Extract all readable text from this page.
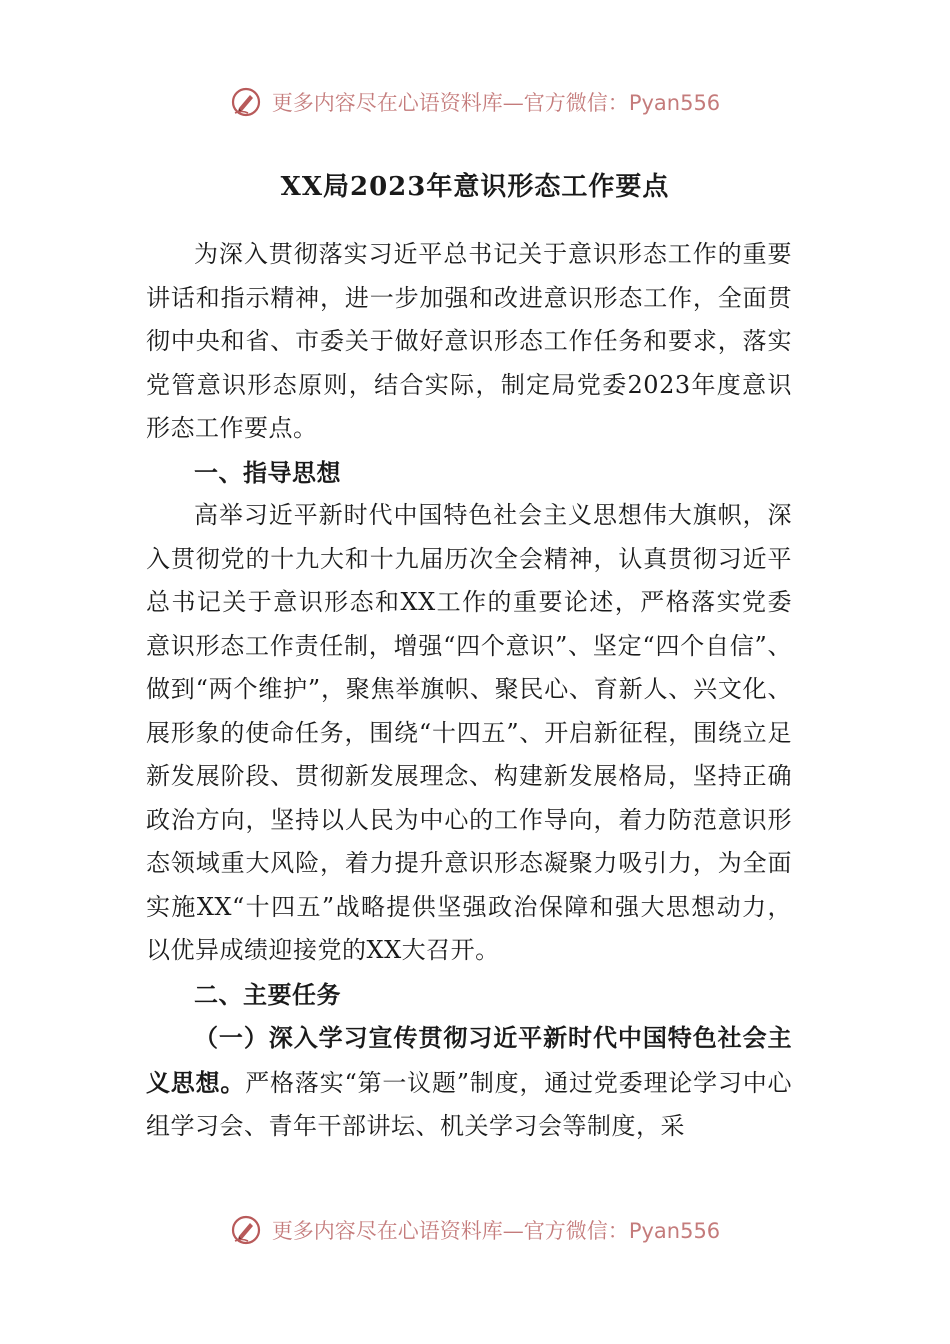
更多内容尽在心语资料库—官方微信：Pyan556
XX局2023年意识形态工作要点

为深入贯彻落实习近平总书记关于意识形态工作的重要讲话和指示精神，进一步加强和改进意识形态工作，全面贯彻中央和省、市委关于做好意识形态工作任务和要求，落实党管意识形态原则，结合实际，制定局党委2023年度意识形态工作要点。

一、指导思想

高举习近平新时代中国特色社会主义思想伟大旗帜，深入贯彻党的十九大和十九届历次全会精神，认真贯彻习近平总书记关于意识形态和XX工作的重要论述，严格落实党委意识形态工作责任制，增强“四个意识”、坚定“四个自信”、做到“两个维护”，聚焦举旗帜、聚民心、育新人、兴文化、展形象的使命任务，围绕“十四五”、开启新征程，围绕立足新发展阶段、贯彻新发展理念、构建新发展格局，坚持正确政治方向，坚持以人民为中心的工作导向，着力防范意识形态领域重大风险，着力提升意识形态凝聚力吸引力，为全面实施XX“十四五”战略提供坚强政治保障和强大思想动力，以优异成绩迎接党的XX大召开。

二、主要任务

（一）深入学习宣传贯彻习近平新时代中国特色社会主义思想。严格落实“第一议题”制度，通过党委理论学习中心组学习会、青年干部讲坛、机关学习会等制度，采

更多内容尽在心语资料库—官方微信：Pyan556
